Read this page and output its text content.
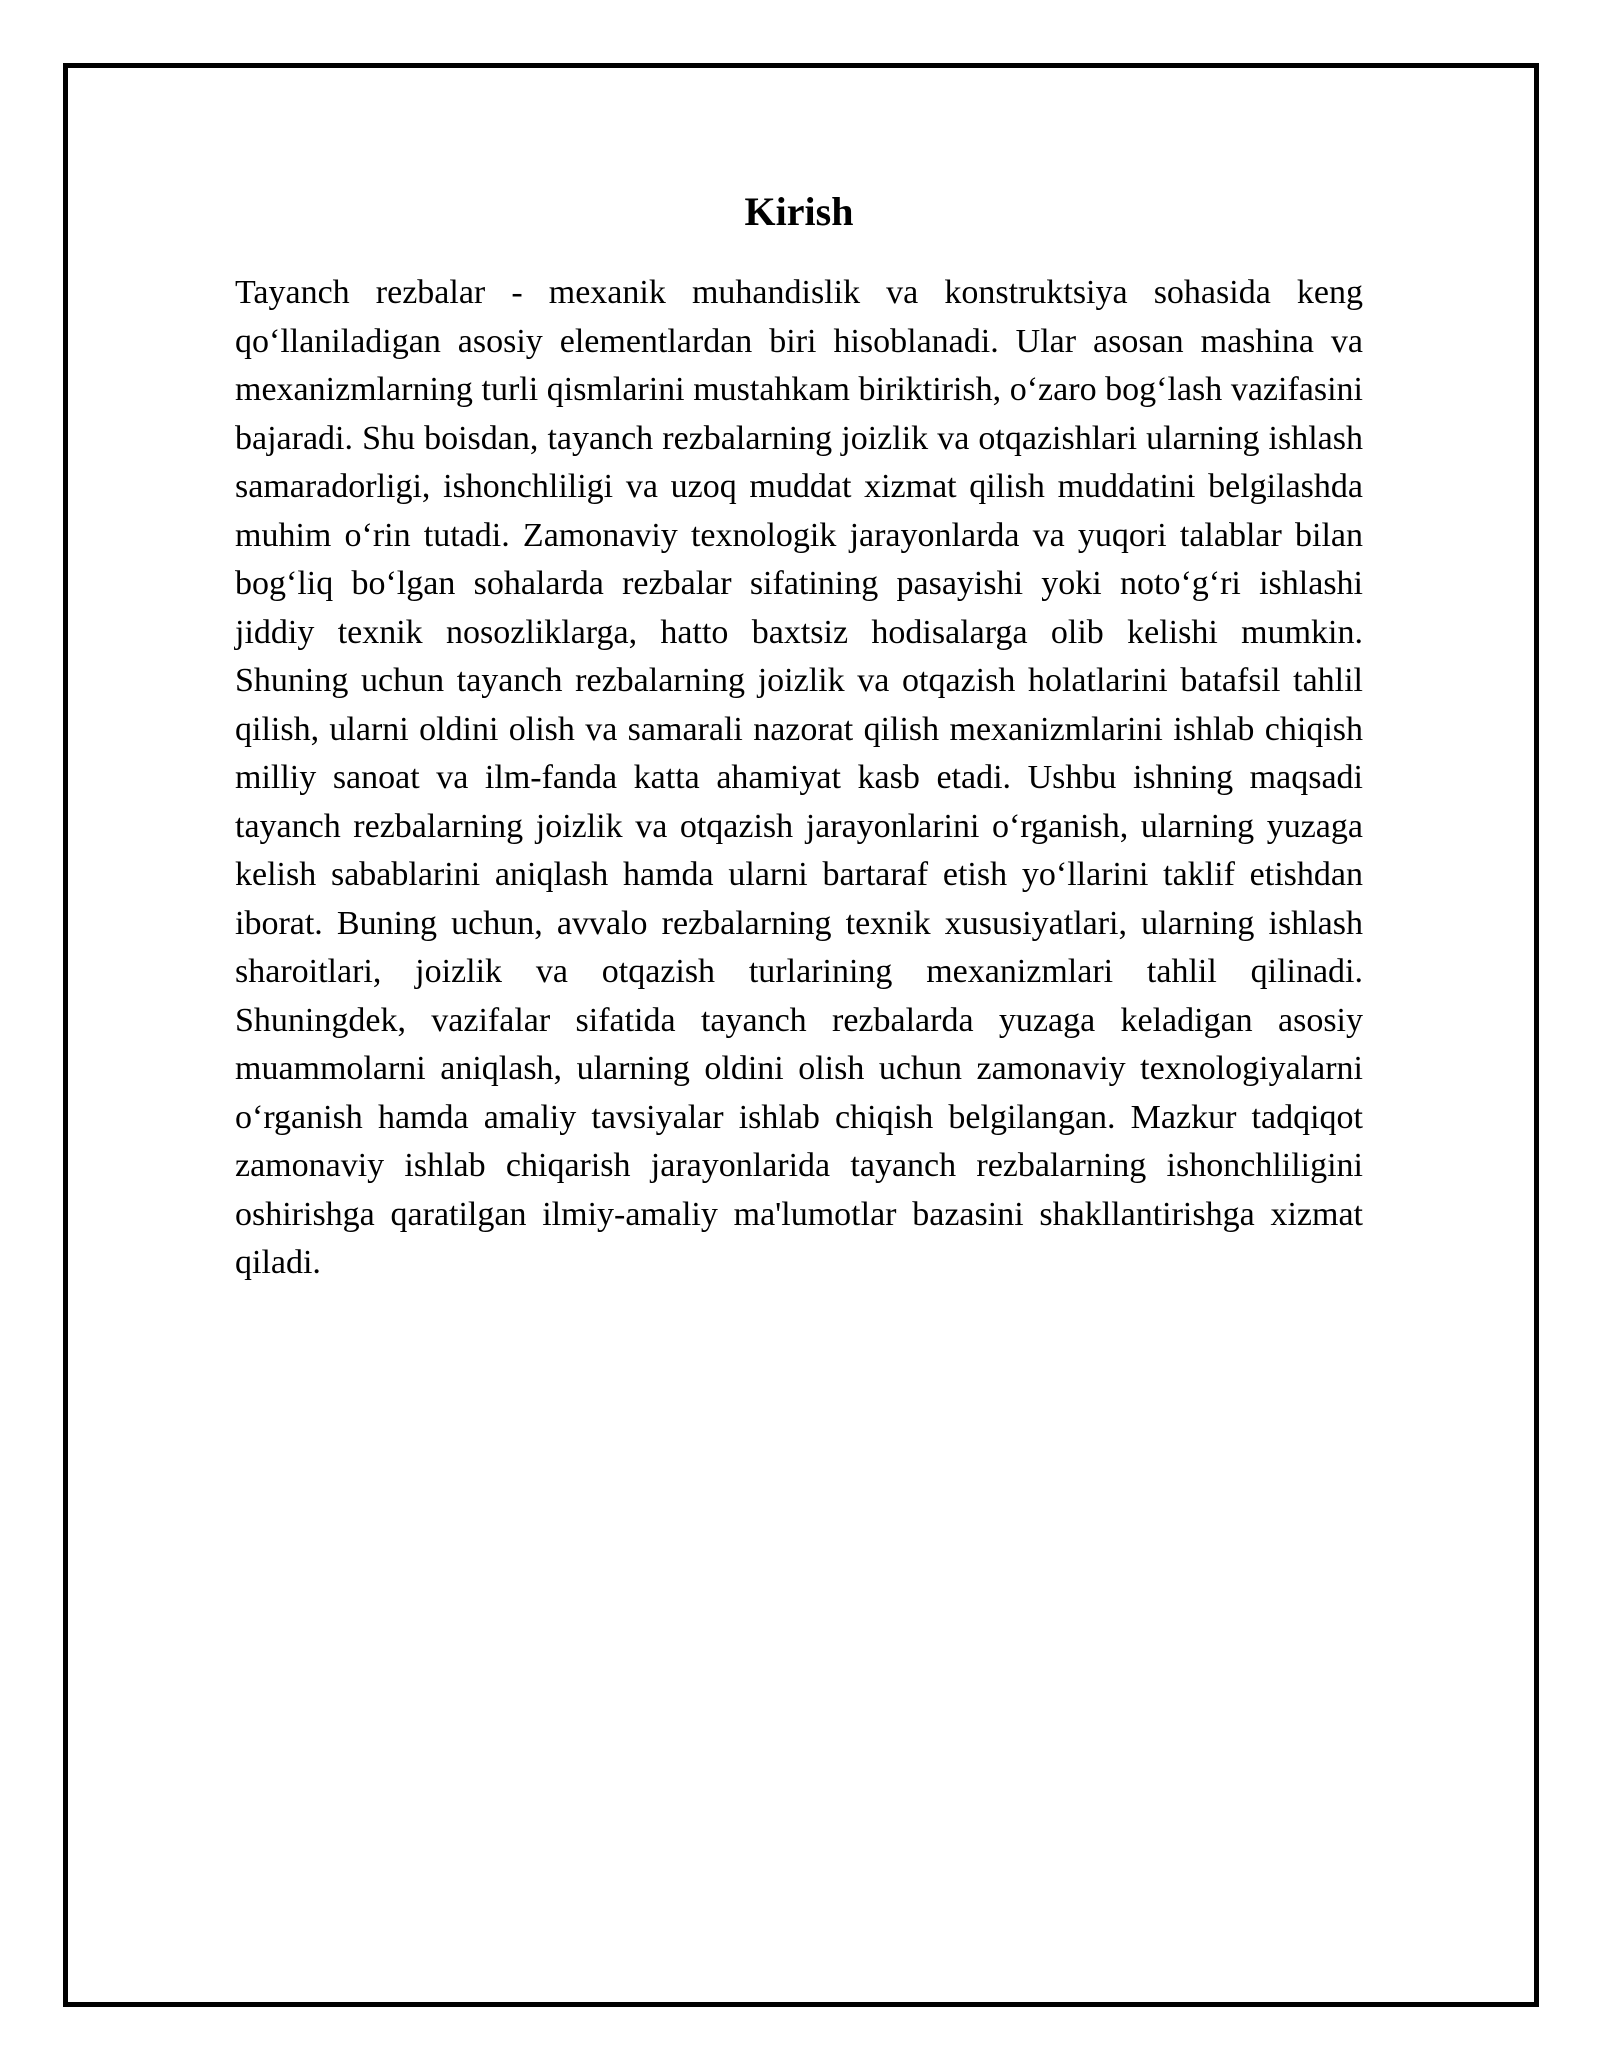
Kirish

Tayanch rezbalar - mexanik muhandislik va konstruktsiya sohasida keng qo‘llaniladigan asosiy elementlardan biri hisoblanadi. Ular asosan mashina va mexanizmlarning turli qismlarini mustahkam biriktirish, o‘zaro bog‘lash vazifasini bajaradi. Shu boisdan, tayanch rezbalarning joizlik va otqazishlari ularning ishlash samaradorligi, ishonchliligi va uzoq muddat xizmat qilish muddatini belgilashda muhim o‘rin tutadi. Zamonaviy texnologik jarayonlarda va yuqori talablar bilan bog‘liq bo‘lgan sohalarda rezbalar sifatining pasayishi yoki noto‘g‘ri ishlashi jiddiy texnik nosozliklarga, hatto baxtsiz hodisalarga olib kelishi mumkin. Shuning uchun tayanch rezbalarning joizlik va otqazish holatlarini batafsil tahlil qilish, ularni oldini olish va samarali nazorat qilish mexanizmlarini ishlab chiqish milliy sanoat va ilm-fanda katta ahamiyat kasb etadi. Ushbu ishning maqsadi tayanch rezbalarning joizlik va otqazish jarayonlarini o‘rganish, ularning yuzaga kelish sabablarini aniqlash hamda ularni bartaraf etish yo‘llarini taklif etishdan iborat. Buning uchun, avvalo rezbalarning texnik xususiyatlari, ularning ishlash sharoitlari, joizlik va otqazish turlarining mexanizmlari tahlil qilinadi. Shuningdek, vazifalar sifatida tayanch rezbalarda yuzaga keladigan asosiy muammolarni aniqlash, ularning oldini olish uchun zamonaviy texnologiyalarni o‘rganish hamda amaliy tavsiyalar ishlab chiqish belgilangan. Mazkur tadqiqot zamonaviy ishlab chiqarish jarayonlarida tayanch rezbalarning ishonchliligini oshirishga qaratilgan ilmiy-amaliy ma'lumotlar bazasini shakllantirishga xizmat qiladi.
